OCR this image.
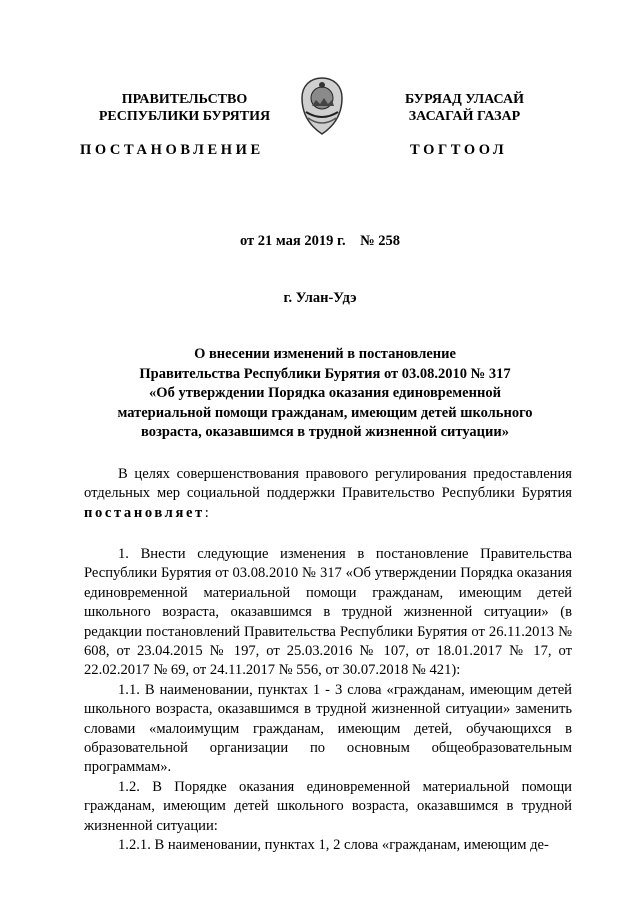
ПРАВИТЕЛЬСТВО
РЕСПУБЛИКИ БУРЯТИЯ
БУРЯАД УЛАСАЙ
ЗАСАГАЙ ГАЗАР
ПОСТАНОВЛЕНИЕ	ТОГТООЛ
от 21 мая 2019 г.    № 258
г. Улан-Удэ
О внесении изменений в постановление
Правительства Республики Бурятия от 03.08.2010 № 317
«Об утверждении Порядка оказания единовременной
материальной помощи гражданам, имеющим детей школьного
возраста, оказавшимся в трудной жизненной ситуации»

В целях совершенствования правового регулирования предоставления отдельных мер социальной поддержки Правительство Республики Бурятия постановляет:

1. Внести следующие изменения в постановление Правительства Республики Бурятия от 03.08.2010 № 317 «Об утверждении Порядка оказания единовременной материальной помощи гражданам, имеющим детей школьного возраста, оказавшимся в трудной жизненной ситуации» (в редакции постановлений Правительства Республики Бурятия от 26.11.2013 № 608, от 23.04.2015 № 197, от 25.03.2016 № 107, от 18.01.2017 № 17, от 22.02.2017 № 69, от 24.11.2017 № 556, от 30.07.2018 № 421):

1.1. В наименовании, пунктах 1 - 3 слова «гражданам, имеющим детей школьного возраста, оказавшимся в трудной жизненной ситуации» заменить словами «малоимущим гражданам, имеющим детей, обучающихся в образовательной организации по основным общеобразовательным программам».

1.2. В Порядке оказания единовременной материальной помощи гражданам, имеющим детей школьного возраста, оказавшимся в трудной жизненной ситуации:

1.2.1. В наименовании, пунктах 1, 2 слова «гражданам, имеющим де-
